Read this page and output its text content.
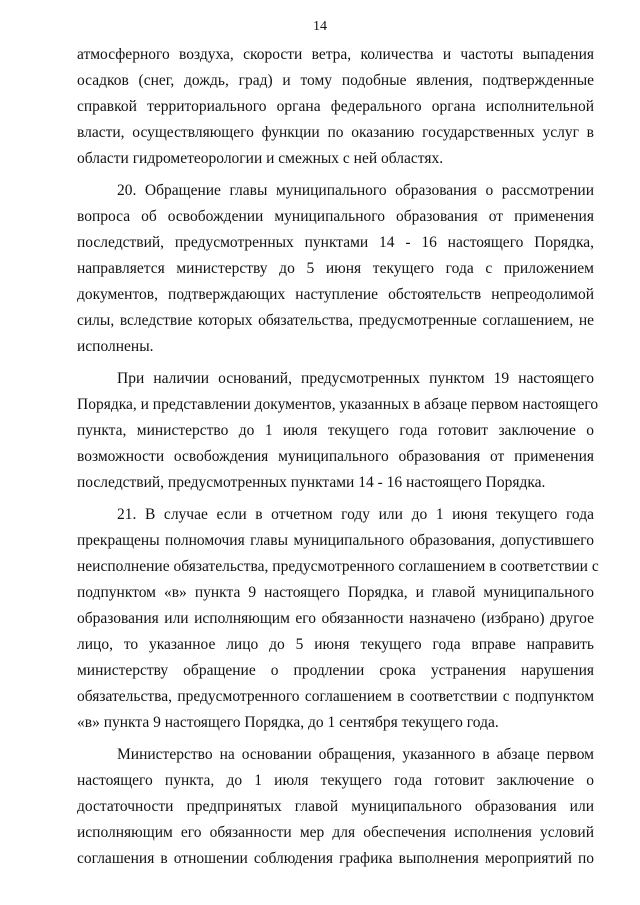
14
атмосферного воздуха, скорости ветра, количества и частоты выпадения
осадков (снег, дождь, град) и тому подобные явления, подтвержденные
справкой территориального органа федерального органа исполнительной
власти, осуществляющего функции по оказанию государственных услуг в
области гидрометеорологии и смежных с ней областях.
20. Обращение главы муниципального образования о рассмотрении
вопроса об освобождении муниципального образования от применения
последствий, предусмотренных пунктами 14 - 16 настоящего Порядка,
направляется министерству до 5 июня текущего года с приложением
документов, подтверждающих наступление обстоятельств непреодолимой
силы, вследствие которых обязательства, предусмотренные соглашением, не
исполнены.
При наличии оснований, предусмотренных пунктом 19 настоящего
Порядка, и представлении документов, указанных в абзаце первом настоящего
пункта, министерство до 1 июля текущего года готовит заключение о
возможности освобождения муниципального образования от применения
последствий, предусмотренных пунктами 14 - 16 настоящего Порядка.
21. В случае если в отчетном году или до 1 июня текущего года
прекращены полномочия главы муниципального образования, допустившего
неисполнение обязательства, предусмотренного соглашением в соответствии с
подпунктом «в» пункта 9 настоящего Порядка, и главой муниципального
образования или исполняющим его обязанности назначено (избрано) другое
лицо, то указанное лицо до 5 июня текущего года вправе направить
министерству обращение о продлении срока устранения нарушения
обязательства, предусмотренного соглашением в соответствии с подпунктом
«в» пункта 9 настоящего Порядка, до 1 сентября текущего года.
Министерство на основании обращения, указанного в абзаце первом
настоящего пункта, до 1 июля текущего года готовит заключение о
достаточности предпринятых главой муниципального образования или
исполняющим его обязанности мер для обеспечения исполнения условий
соглашения в отношении соблюдения графика выполнения мероприятий по
